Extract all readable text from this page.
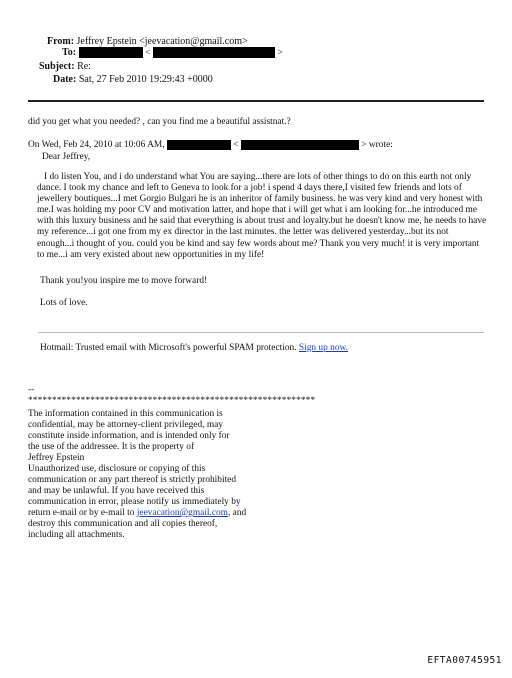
From: Jeffrey Epstein <jeevacation@gmail.com>
To:	<	>
Subject: Re:
Date: Sat, 27 Feb 2010 19:29:43 +0000
did you get what you needed? , can you find me a beautiful assistnat.?
On Wed, Feb 24, 2010 at 10:06 AM,	<	> wrote:
Dear Jeffrey,
I do listen You, and i do understand what You are saying...there are lots of other things to do on this earth not only dance. I took my chance and left to Geneva to look for a job! i spend 4 days there,I visited few friends and lots of jewellery boutiques...I met Gorgio Bulgari he is an inheritor of family business. he was very kind and very honest with me.I was holding my poor CV and motivation latter, and hope that i will get what i am looking for...he introduced me with this luxury business and he said that everything is about trust and loyalty.but he doesn't know me, he needs to have my reference...i got one from my ex director in the last minutes. the letter was delivered yesterday...but its not enough...i thought of you. could you be kind and say few words about me? Thank you very much! it is very important to me...i am very existed about new opportunities in my life!
Thank you!you inspire me to move forward!
Lots of love.
Hotmail: Trusted email with Microsoft's powerful SPAM protection. Sign up now.
--
************************************************************
The information contained in this communication is
confidential, may be attorney-client privileged, may
constitute inside information, and is intended only for
the use of the addressee. It is the property of
Jeffrey Epstein
Unauthorized use, disclosure or copying of this
communication or any part thereof is strictly prohibited
and may be unlawful. If you have received this
communication in error, please notify us immediately by
return e-mail or by e-mail to jeevacation@gmail.com, and
destroy this communication and all copies thereof,
including all attachments.
EFTA00745951
